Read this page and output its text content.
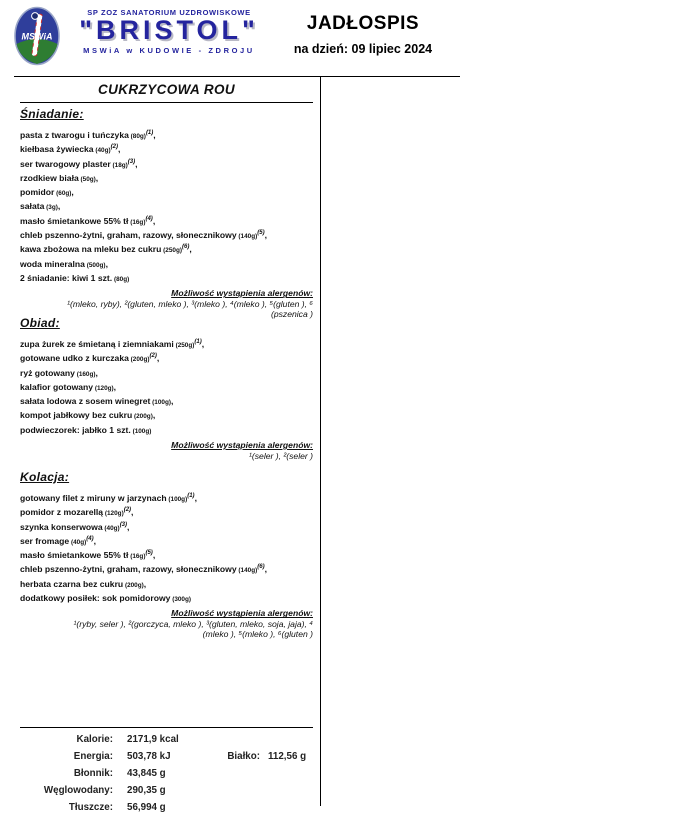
MSWiA
SP ZOZ SANATORIUM UZDROWISKOWE
"BRISTOL"
MSWiA w KUDOWIE - ZDROJU
JADŁOSPIS
na dzień: 09 lipiec 2024
CUKRZYCOWA ROU
Śniadanie:
pasta z twarogu i tuńczyka (80g)$^{(1)}$,
kiełbasa żywiecka (40g)$^{(2)}$,
ser twarogowy plaster (18g)$^{(3)}$,
rzodkiew biała (50g),
pomidor (60g),
sałata (3g),
masło śmietankowe 55% tł (16g)$^{(4)}$,
chleb pszenno-żytni, graham, razowy, słonecznikowy (140g)$^{(5)}$,
kawa zbożowa na mleku bez cukru (250g)$^{(6)}$,
woda mineralna (500g),
2 śniadanie: kiwi 1 szt. (80g)
Możliwość wystąpienia alergenów:
¹(mleko, ryby), ²(gluten, mleko ), ³(mleko ), ⁴(mleko ), ⁵(gluten ), ⁶
(pszenica )
Obiad:
zupa żurek ze śmietaną i ziemniakami (250g)$^{(1)}$,
gotowane udko z kurczaka (200g)$^{(2)}$,
ryż gotowany (160g),
kalafior gotowany (120g),
sałata lodowa z sosem winegret (100g),
kompot jabłkowy bez cukru (200g),
podwieczorek: jabłko 1 szt. (100g)
Możliwość wystąpienia alergenów:
¹(seler ), ²(seler )
Kolacja:
gotowany filet z miruny w jarzynach (100g)$^{(1)}$,
pomidor z mozarellą (120g)$^{(2)}$,
szynka konserwowa (40g)$^{(3)}$,
ser fromage (40g)$^{(4)}$,
masło śmietankowe 55% tł (16g)$^{(5)}$,
chleb pszenno-żytni, graham, razowy, słonecznikowy (140g)$^{(6)}$,
herbata czarna bez cukru (200g),
dodatkowy posiłek: sok pomidorowy (300g)
Możliwość wystąpienia alergenów:
¹(ryby, seler ), ²(gorczyca, mleko ), ³(gluten, mleko, soja, jaja), ⁴
(mleko ), ⁵(mleko ), ⁶(gluten )
Kalorie: 2171,9 kcal
Energia: 503,78 kJ	Białko: 112,56 g
Błonnik: 43,845 g
Węglowodany: 290,35 g
Tłuszcze: 56,994 g
